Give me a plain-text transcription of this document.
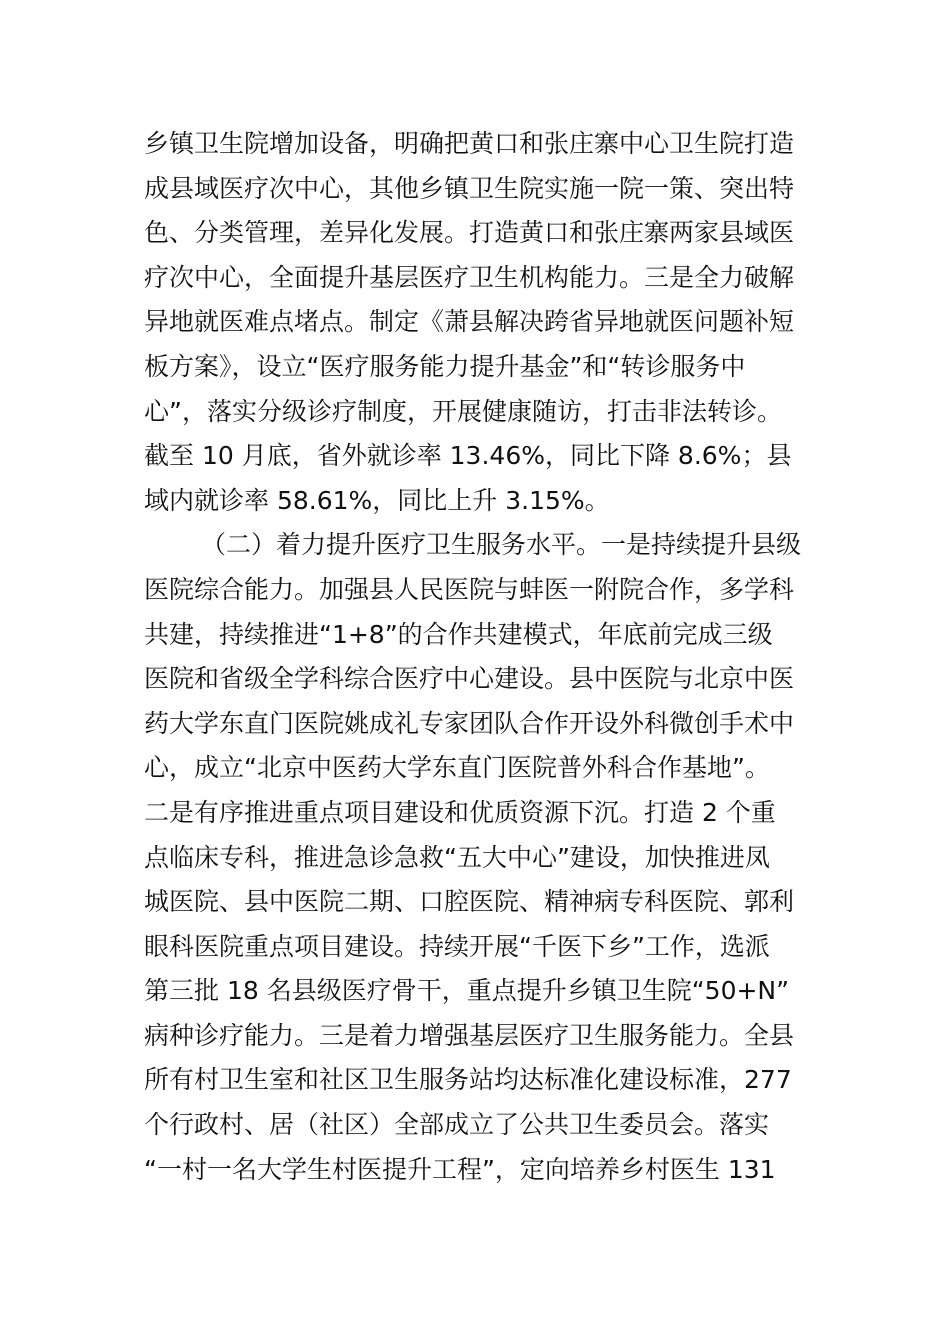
乡镇卫生院增加设备，明确把黄口和张庄寨中心卫生院打造
成县域医疗次中心，其他乡镇卫生院实施一院一策、突出特
色、分类管理，差异化发展。打造黄口和张庄寨两家县域医
疗次中心，全面提升基层医疗卫生机构能力。三是全力破解
异地就医难点堵点。制定《萧县解决跨省异地就医问题补短
板方案》，设立“医疗服务能力提升基金”和“转诊服务中
心”，落实分级诊疗制度，开展健康随访，打击非法转诊。
截至 10 月底，省外就诊率 13.46%，同比下降 8.6%；县
域内就诊率 58.61%，同比上升 3.15%。
（二）着力提升医疗卫生服务水平。一是持续提升县级
医院综合能力。加强县人民医院与蚌医一附院合作，多学科
共建，持续推进“1+8”的合作共建模式，年底前完成三级
医院和省级全学科综合医疗中心建设。县中医院与北京中医
药大学东直门医院姚成礼专家团队合作开设外科微创手术中
心，成立“北京中医药大学东直门医院普外科合作基地”。
二是有序推进重点项目建设和优质资源下沉。打造 2 个重
点临床专科，推进急诊急救“五大中心”建设，加快推进凤
城医院、县中医院二期、口腔医院、精神病专科医院、郭利
眼科医院重点项目建设。持续开展“千医下乡”工作，选派
第三批 18 名县级医疗骨干，重点提升乡镇卫生院“50+N”
病种诊疗能力。三是着力增强基层医疗卫生服务能力。全县
所有村卫生室和社区卫生服务站均达标准化建设标准，277
个行政村、居（社区）全部成立了公共卫生委员会。落实
“一村一名大学生村医提升工程”，定向培养乡村医生 131
